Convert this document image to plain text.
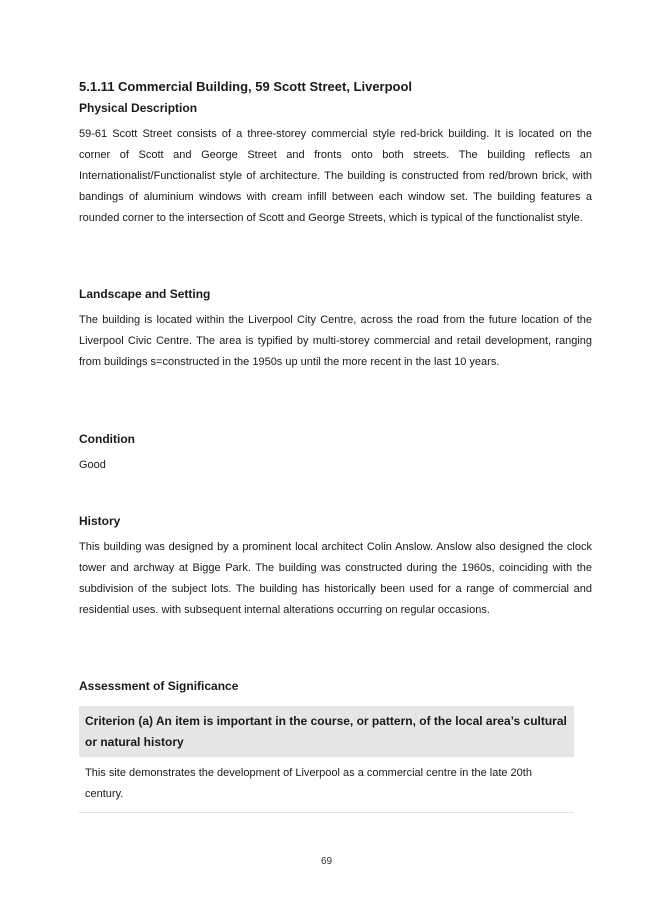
5.1.11 Commercial Building, 59 Scott Street, Liverpool
Physical Description

59-61 Scott Street consists of a three-storey commercial style red-brick building. It is located on the corner of Scott and George Street and fronts onto both streets. The building reflects an Internationalist/Functionalist style of architecture. The building is constructed from red/brown brick, with bandings of aluminium windows with cream infill between each window set. The building features a rounded corner to the intersection of Scott and George Streets, which is typical of the functionalist style.

Landscape and Setting

The building is located within the Liverpool City Centre, across the road from the future location of the Liverpool Civic Centre. The area is typified by multi-storey commercial and retail development, ranging from buildings s=constructed in the 1950s up until the more recent in the last 10 years.

Condition

Good

History

This building was designed by a prominent local architect Colin Anslow. Anslow also designed the clock tower and archway at Bigge Park. The building was constructed during the 1960s, coinciding with the subdivision of the subject lots. The building has historically been used for a range of commercial and residential uses. with subsequent internal alterations occurring on regular occasions.

Assessment of Significance
Criterion (a) An item is important in the course, or pattern, of the local area’s cultural or natural history
This site demonstrates the development of Liverpool as a commercial centre in the late 20th century.
69
